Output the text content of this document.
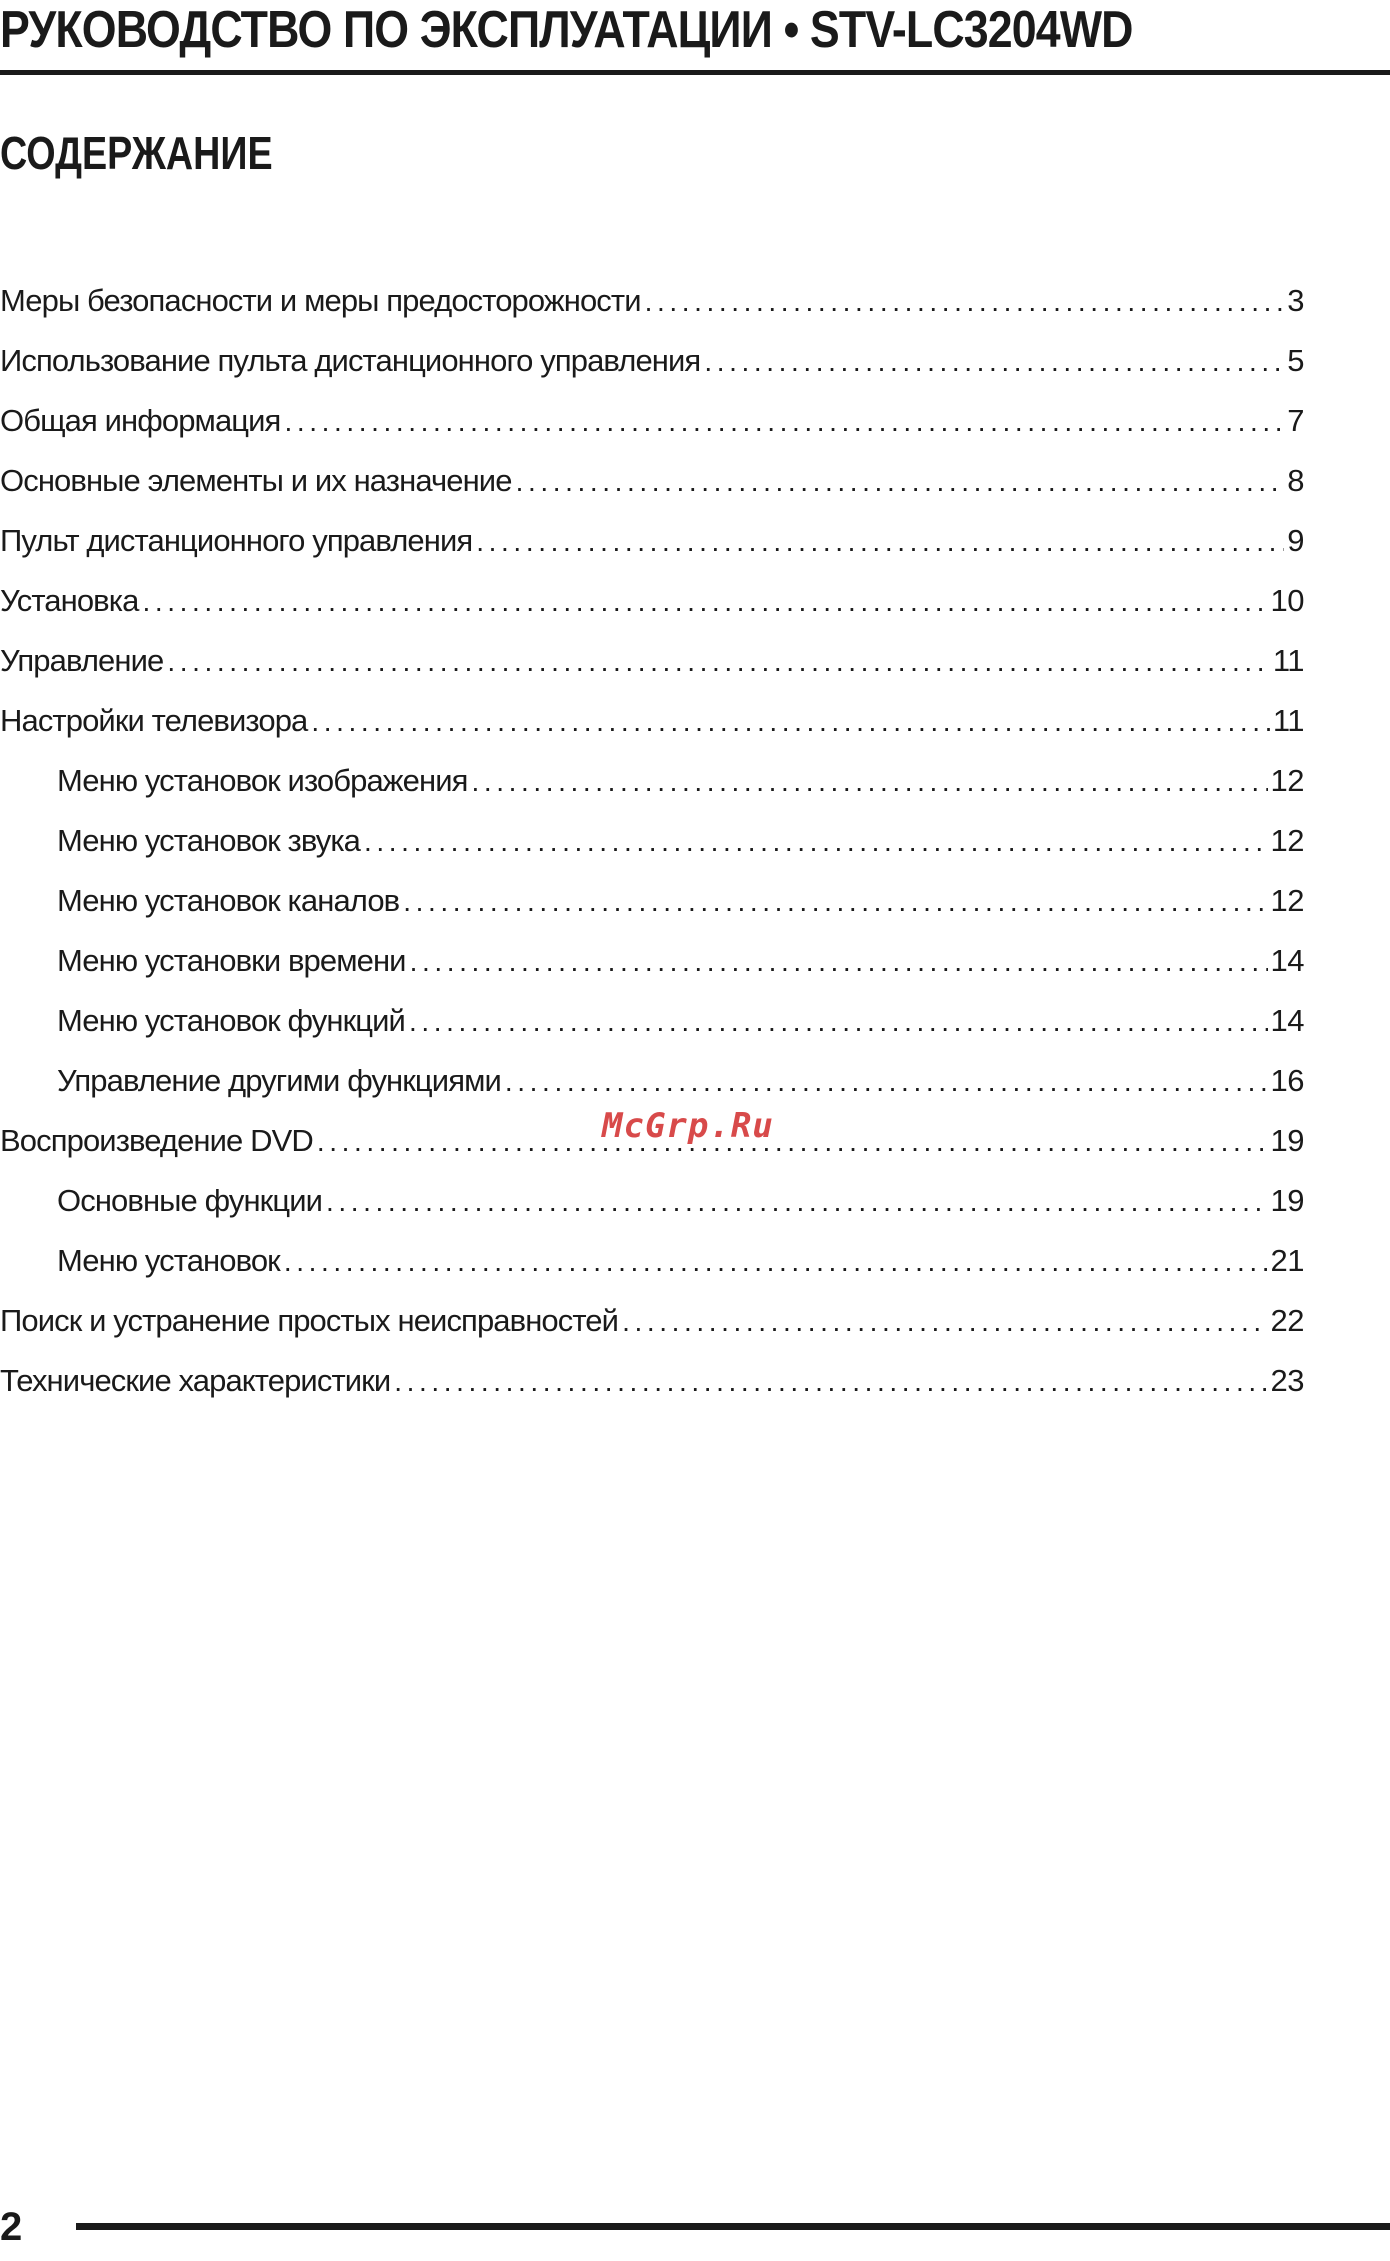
РУКОВОДСТВО ПО ЭКСПЛУАТАЦИИ • STV-LC3204WD
СОДЕРЖАНИЕ
Меры безопасности и меры предосторожности .....	3
Использование пульта дистанционного управления .....	5
Общая информация .....	7
Основные элементы и их назначение .....	8
Пульт дистанционного управления .....	9
Установка .....	10
Управление .....	11
Настройки телевизора .....	11
Меню установок изображения .....	12
Меню установок звука .....	12
Меню установок каналов .....	12
Меню установки времени .....	14
Меню установок функций .....	14
Управление другими функциями .....	16
Воспроизведение DVD .....	19
Основные функции .....	19
Меню установок .....	21
Поиск и устранение простых неисправностей .....	22
Технические характеристики .....	23
McGrp.Ru
2
